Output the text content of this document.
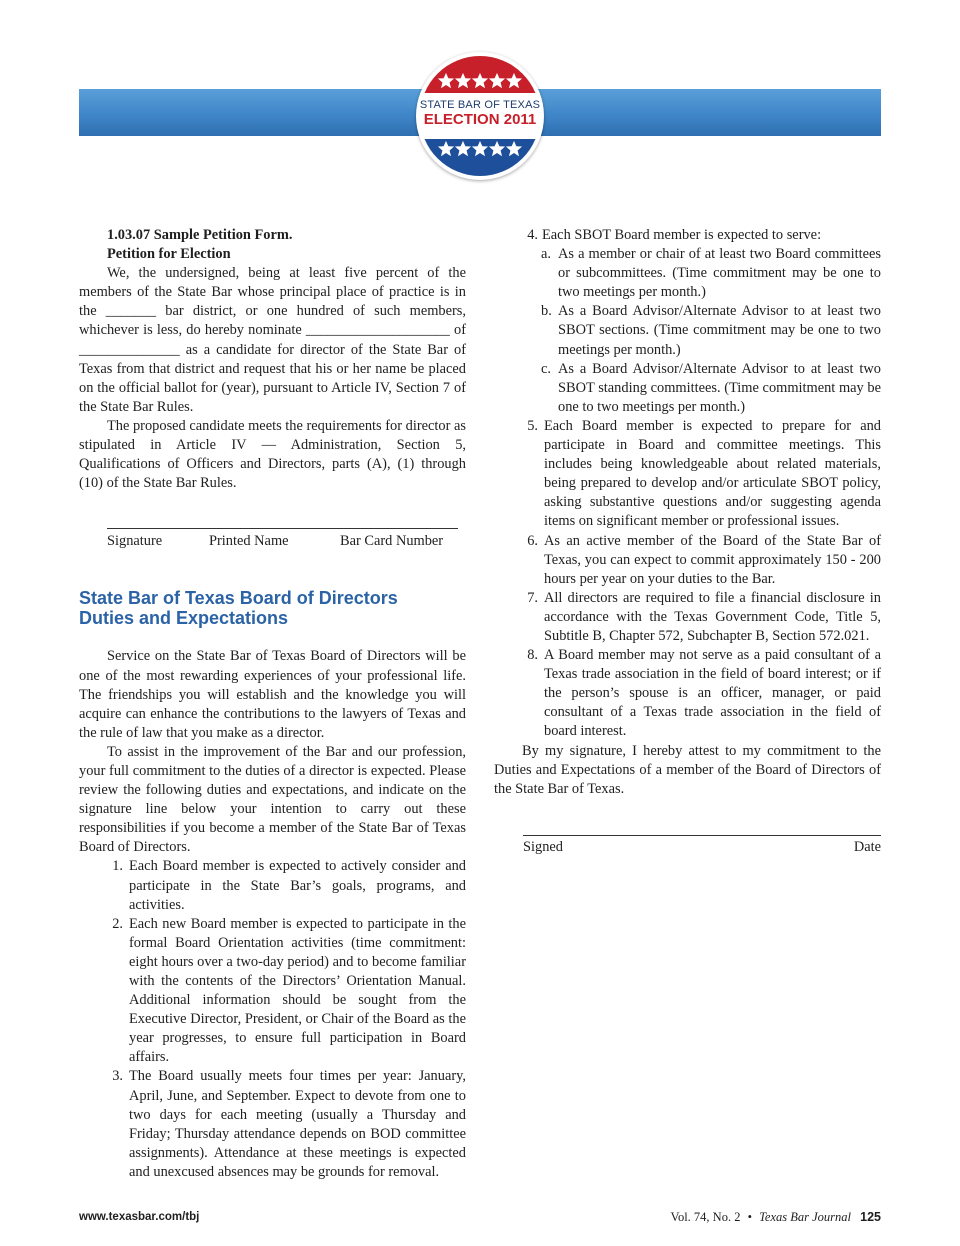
STATE BAR OF TEXAS
ELECTION 2011

1.03.07 Sample Petition Form.

Petition for Election

We, the undersigned, being at least five percent of the members of the State Bar whose principal place of practice is in the _______ bar district, or one hundred of such members, whichever is less, do hereby nominate ____________________ of ______________ as a candidate for director of the State Bar of Texas from that district and request that his or her name be placed on the official ballot for (year), pursuant to Article IV, Section 7 of the State Bar Rules.

The proposed candidate meets the requirements for director as stipulated in Article IV — Administration, Section 5, Qualifications of Officers and Directors, parts (A), (1) through (10) of the State Bar Rules.

Signature	Printed Name	Bar Card Number
State Bar of Texas Board of Directors
Duties and Expectations

Service on the State Bar of Texas Board of Directors will be one of the most rewarding experiences of your professional life. The friendships you will establish and the knowledge you will acquire can enhance the contributions to the lawyers of Texas and the rule of law that you make as a director.

To assist in the improvement of the Bar and our profession, your full commitment to the duties of a director is expected. Please review the following duties and expectations, and indicate on the signature line below your intention to carry out these responsibilities if you become a member of the State Bar of Texas Board of Directors.

1. Each Board member is expected to actively consider and participate in the State Bar’s goals, programs, and activities.
2. Each new Board member is expected to participate in the formal Board Orientation activities (time commitment: eight hours over a two-day period) and to become familiar with the contents of the Directors’ Orientation Manual. Additional information should be sought from the Executive Director, President, or Chair of the Board as the year progresses, to ensure full participation in Board affairs.
3. The Board usually meets four times per year: January, April, June, and September. Expect to devote from one to two days for each meeting (usually a Thursday and Friday; Thursday attendance depends on BOD committee assignments). Attendance at these meetings is expected and unexcused absences may be grounds for removal.
4. Each SBOT Board member is expected to serve:
a. As a member or chair of at least two Board committees or subcommittees. (Time commitment may be one to two meetings per month.)
b. As a Board Advisor/Alternate Advisor to at least two SBOT sections. (Time commitment may be one to two meetings per month.)
c. As a Board Advisor/Alternate Advisor to at least two SBOT standing committees. (Time commitment may be one to two meetings per month.)
5. Each Board member is expected to prepare for and participate in Board and committee meetings. This includes being knowledgeable about related materials, being prepared to develop and/or articulate SBOT policy, asking substantive questions and/or suggesting agenda items on significant member or professional issues.
6. As an active member of the Board of the State Bar of Texas, you can expect to commit approximately 150 - 200 hours per year on your duties to the Bar.
7. All directors are required to file a financial disclosure in accordance with the Texas Government Code, Title 5, Subtitle B, Chapter 572, Subchapter B, Section 572.021.
8. A Board member may not serve as a paid consultant of a Texas trade association in the field of board interest; or if the person’s spouse is an officer, manager, or paid consultant of a Texas trade association in the field of board interest.

By my signature, I hereby attest to my commitment to the Duties and Expectations of a member of the Board of Directors of the State Bar of Texas.

Signed	Date
www.texasbar.com/tbj	Vol. 74, No. 2 • Texas Bar Journal 125
